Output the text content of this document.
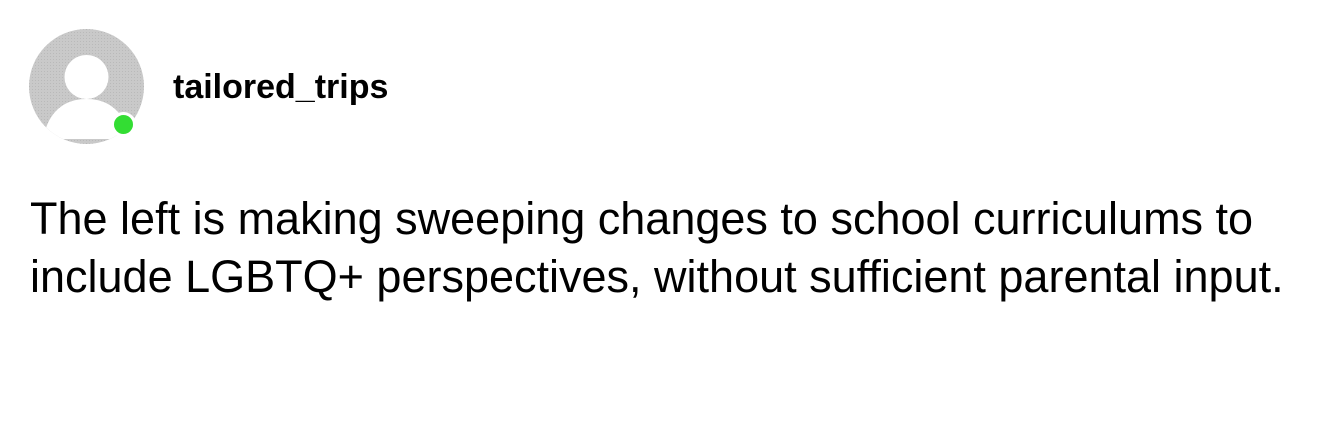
tailored_trips

The left is making sweeping changes to school curriculums to include LGBTQ+ perspectives, without sufficient parental input.
